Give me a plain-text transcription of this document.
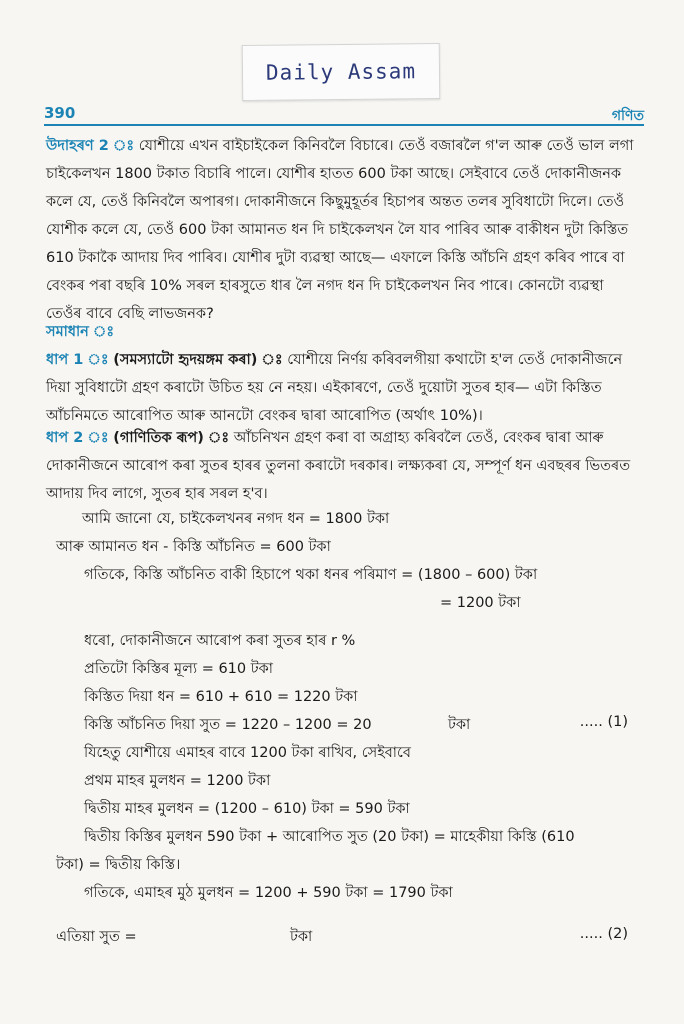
Daily Assam
390	গণিত
উদাহৰণ 2 ঃ যোশীয়ে এখন বাইচাইকেল কিনিবলৈ বিচাৰে। তেওঁ বজাৰলৈ গ'ল আৰু তেওঁ ভাল লগা চাইকেলখন 1800 টকাত বিচাৰি পালে। যোশীৰ হাতত 600 টকা আছে। সেইবাবে তেওঁ দোকানীজনক কলে যে, তেওঁ কিনিবলৈ অপাৰগ। দোকানীজনে কিছুমুহূৰ্তৰ হিচাপৰ অন্তত তলৰ সুবিধাটো দিলে। তেওঁ যোশীক কলে যে, তেওঁ 600 টকা আমানত ধন দি চাইকেলখন লৈ যাব পাৰিব আৰু বাকীধন দুটা কিস্তিত 610 টকাকৈ আদায় দিব পাৰিব। যোশীৰ দুটা ব্যৱস্থা আছে— এফালে কিস্তি আঁচনি গ্ৰহণ কৰিব পাৰে বা বেংকৰ পৰা বছৰি 10% সৰল হাৰসুতে ধাৰ লৈ নগদ ধন দি চাইকেলখন নিব পাৰে। কোনটো ব্যৱস্থা তেওঁৰ বাবে বেছি লাভজনক?
সমাধান ঃ
ধাপ 1 ঃ (সমস্যাটো হৃদয়ঙ্গম কৰা) ঃ যোশীয়ে নিৰ্ণয় কৰিবলগীয়া কথাটো হ'ল তেওঁ দোকানীজনে দিয়া সুবিধাটো গ্ৰহণ কৰাটো উচিত হয় নে নহয়। এইকাৰণে, তেওঁ দুয়োটা সুতৰ হাৰ— এটা কিস্তিত আঁচনিমতে আৰোপিত আৰু আনটো বেংকৰ দ্বাৰা আৰোপিত (অৰ্থাৎ 10%)।
ধাপ 2 ঃ (গাণিতিক ৰূপ) ঃ আঁচনিখন গ্ৰহণ কৰা বা অগ্ৰাহ্য কৰিবলৈ তেওঁ, বেংকৰ দ্বাৰা আৰু দোকানীজনে আৰোপ কৰা সুতৰ হাৰৰ তুলনা কৰাটো দৰকাৰ। লক্ষ্যকৰা যে, সম্পূৰ্ণ ধন এবছৰৰ ভিতৰত আদায় দিব লাগে, সুতৰ হাৰ সৰল হ'ব।
আমি জানো যে, চাইকেলখনৰ নগদ ধন = 1800 টকা
আৰু আমানত ধন - কিস্তি আঁচনিত = 600 টকা
গতিকে, কিস্তি আঁচনিত বাকী হিচাপে থকা ধনৰ পৰিমাণ = (1800 – 600) টকা
= 1200 টকা
ধৰো, দোকানীজনে আৰোপ কৰা সুতৰ হাৰ r %
প্ৰতিটো কিস্তিৰ মূল্য = 610 টকা
কিস্তিত দিয়া ধন = 610 + 610 = 1220 টকা
কিস্তি আঁচনিত দিয়া সুত = 1220 – 1200 = 20	টকা	..... (1)
যিহেতু যোশীয়ে এমাহৰ বাবে 1200 টকা ৰাখিব, সেইবাবে
প্ৰথম মাহৰ মুলধন = 1200 টকা
দ্বিতীয় মাহৰ মুলধন = (1200 – 610) টকা = 590 টকা
দ্বিতীয় কিস্তিৰ মুলধন 590 টকা + আৰোপিত সুত (20 টকা) = মাহেকীয়া কিস্তি (610
টকা) = দ্বিতীয় কিস্তি।
গতিকে, এমাহৰ মুঠ মুলধন = 1200 + 590 টকা = 1790 টকা
এতিয়া সুত =	টকা	..... (2)
